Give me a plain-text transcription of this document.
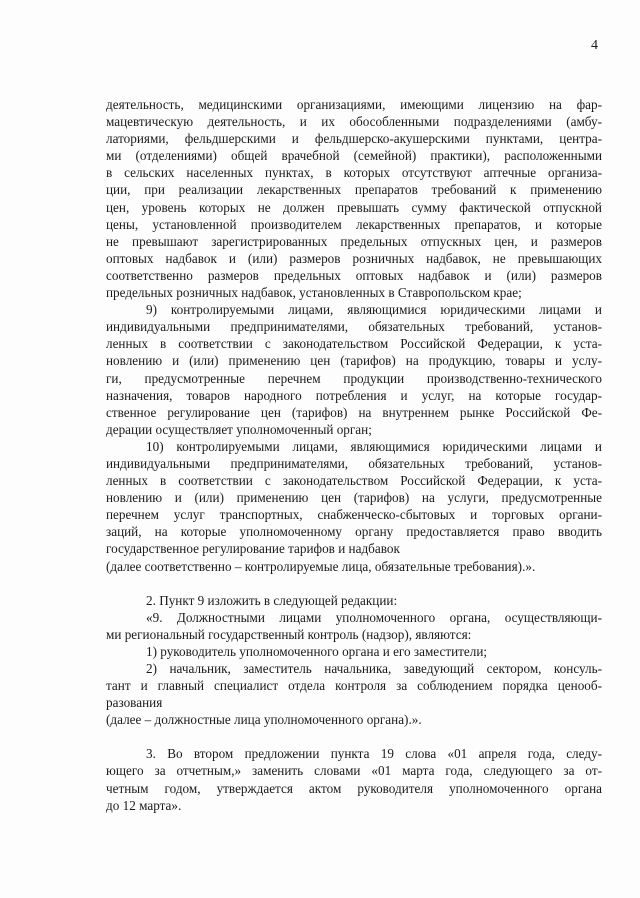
4
деятельность, медицинскими организациями, имеющими лицензию на фар-
мацевтическую деятельность, и их обособленными подразделениями (амбу-
латориями, фельдшерскими и фельдшерско-акушерскими пунктами, центра-
ми (отделениями) общей врачебной (семейной) практики), расположенными
в сельских населенных пунктах, в которых отсутствуют аптечные организа-
ции, при реализации лекарственных препаратов требований к применению
цен, уровень которых не должен превышать сумму фактической отпускной
цены, установленной производителем лекарственных препаратов, и которые
не превышают зарегистрированных предельных отпускных цен, и размеров
оптовых надбавок и (или) размеров розничных надбавок, не превышающих
соответственно размеров предельных оптовых надбавок и (или) размеров
предельных розничных надбавок, установленных в Ставропольском крае;
9) контролируемыми лицами, являющимися юридическими лицами и
индивидуальными предпринимателями, обязательных требований, установ-
ленных в соответствии с законодательством Российской Федерации, к уста-
новлению и (или) применению цен (тарифов) на продукцию, товары и услу-
ги, предусмотренные перечнем продукции производственно-технического
назначения, товаров народного потребления и услуг, на которые государ-
ственное регулирование цен (тарифов) на внутреннем рынке Российской Фе-
дерации осуществляет уполномоченный орган;
10) контролируемыми лицами, являющимися юридическими лицами и
индивидуальными предпринимателями, обязательных требований, установ-
ленных в соответствии с законодательством Российской Федерации, к уста-
новлению и (или) применению цен (тарифов) на услуги, предусмотренные
перечнем услуг транспортных, снабженческо-сбытовых и торговых органи-
заций, на которые уполномоченному органу предоставляется право вводить
государственное регулирование тарифов и надбавок
(далее соответственно – контролируемые лица, обязательные требования).».
2. Пункт 9 изложить в следующей редакции:
«9. Должностными лицами уполномоченного органа, осуществляющи-
ми региональный государственный контроль (надзор), являются:
1) руководитель уполномоченного органа и его заместители;
2) начальник, заместитель начальника, заведующий сектором, консуль-
тант и главный специалист отдела контроля за соблюдением порядка ценооб-
разования
(далее – должностные лица уполномоченного органа).».
3. Во втором предложении пункта 19 слова «01 апреля года, следу-
ющего за отчетным,» заменить словами «01 марта года, следующего за от-
четным годом, утверждается актом руководителя уполномоченного органа
до 12 марта».
